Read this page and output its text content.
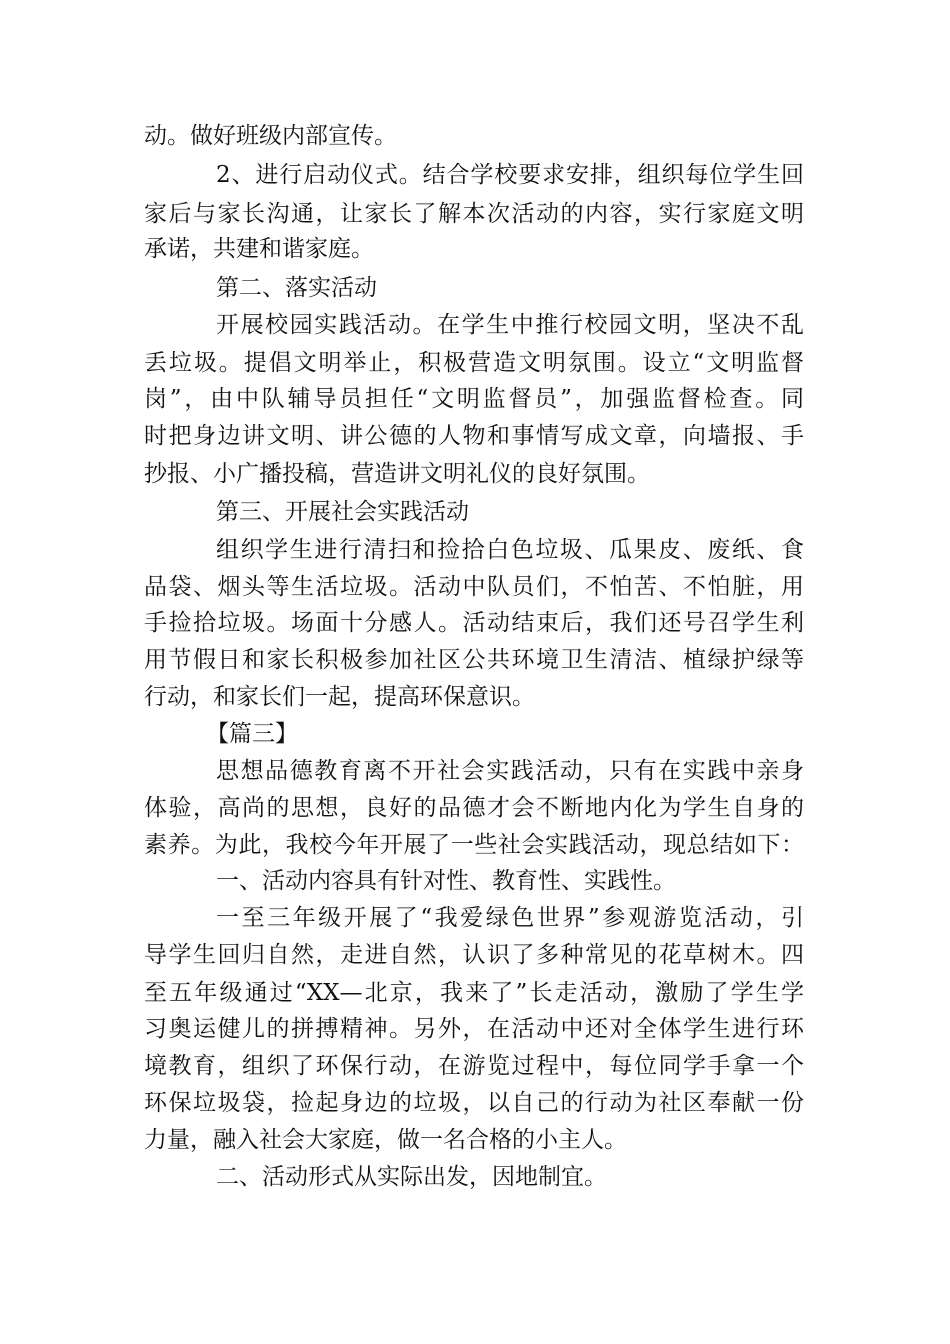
动。做好班级内部宣传。
2、进行启动仪式。结合学校要求安排，组织每位学生回
家后与家长沟通，让家长了解本次活动的内容，实行家庭文明
承诺，共建和谐家庭。
第二、落实活动
开展校园实践活动。在学生中推行校园文明，坚决不乱
丢垃圾。提倡文明举止，积极营造文明氛围。设立“文明监督
岗”，由中队辅导员担任“文明监督员”，加强监督检查。同
时把身边讲文明、讲公德的人物和事情写成文章，向墙报、手
抄报、小广播投稿，营造讲文明礼仪的良好氛围。
第三、开展社会实践活动
组织学生进行清扫和捡拾白色垃圾、瓜果皮、废纸、食
品袋、烟头等生活垃圾。活动中队员们，不怕苦、不怕脏，用
手捡拾垃圾。场面十分感人。活动结束后，我们还号召学生利
用节假日和家长积极参加社区公共环境卫生清洁、植绿护绿等
行动，和家长们一起，提高环保意识。
【篇三】
思想品德教育离不开社会实践活动，只有在实践中亲身
体验，高尚的思想，良好的品德才会不断地内化为学生自身的
素养。为此，我校今年开展了一些社会实践活动，现总结如下：
一、活动内容具有针对性、教育性、实践性。
一至三年级开展了“我爱绿色世界”参观游览活动，引
导学生回归自然，走进自然，认识了多种常见的花草树木。四
至五年级通过“XX—北京，我来了”长走活动，激励了学生学
习奥运健儿的拼搏精神。另外，在活动中还对全体学生进行环
境教育，组织了环保行动，在游览过程中，每位同学手拿一个
环保垃圾袋，捡起身边的垃圾，以自己的行动为社区奉献一份
力量，融入社会大家庭，做一名合格的小主人。
二、活动形式从实际出发，因地制宜。
